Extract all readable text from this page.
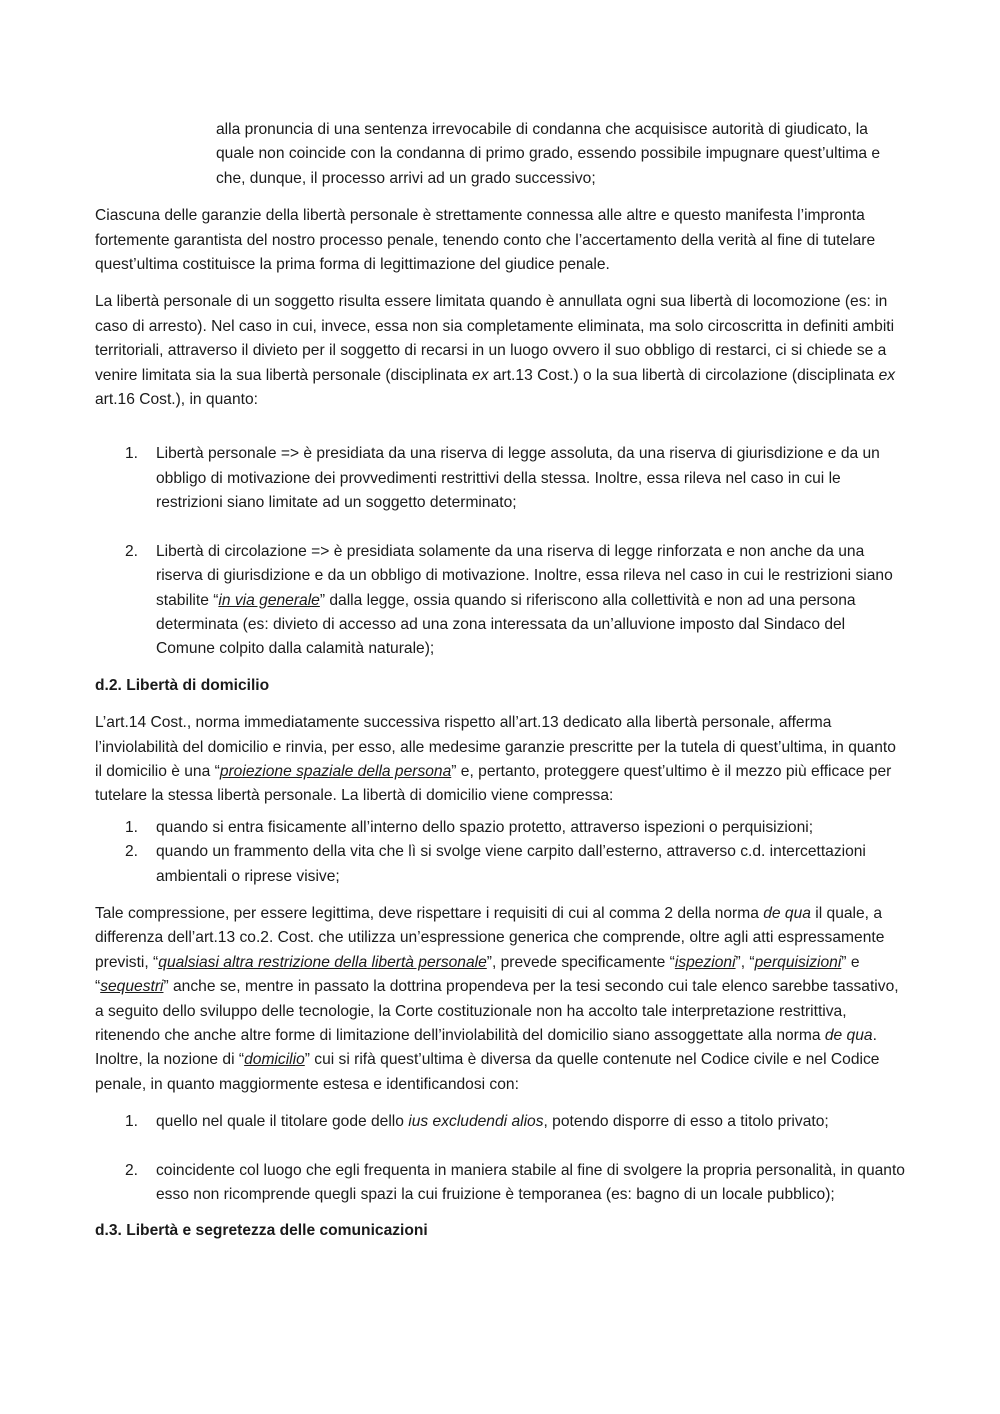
alla pronuncia di una sentenza irrevocabile di condanna che acquisisce autorità di giudicato, la quale non coincide con la condanna di primo grado, essendo possibile impugnare quest’ultima e che, dunque, il processo arrivi ad un grado successivo;

Ciascuna delle garanzie della libertà personale è strettamente connessa alle altre e questo manifesta l’impronta fortemente garantista del nostro processo penale, tenendo conto che l’accertamento della verità al fine di tutelare quest’ultima costituisce la prima forma di legittimazione del giudice penale.

La libertà personale di un soggetto risulta essere limitata quando è annullata ogni sua libertà di locomozione (es: in caso di arresto). Nel caso in cui, invece, essa non sia completamente eliminata, ma solo circoscritta in definiti ambiti territoriali, attraverso il divieto per il soggetto di recarsi in un luogo ovvero il suo obbligo di restarci, ci si chiede se a venire limitata sia la sua libertà personale (disciplinata ex art.13 Cost.) o la sua libertà di circolazione (disciplinata ex art.16 Cost.), in quanto:

1. Libertà personale => è presidiata da una riserva di legge assoluta, da una riserva di giurisdizione e da un obbligo di motivazione dei provvedimenti restrittivi della stessa. Inoltre, essa rileva nel caso in cui le restrizioni siano limitate ad un soggetto determinato;
2. Libertà di circolazione => è presidiata solamente da una riserva di legge rinforzata e non anche da una riserva di giurisdizione e da un obbligo di motivazione. Inoltre, essa rileva nel caso in cui le restrizioni siano stabilite “in via generale” dalla legge, ossia quando si riferiscono alla collettività e non ad una persona determinata (es: divieto di accesso ad una zona interessata da un’alluvione imposto dal Sindaco del Comune colpito dalla calamità naturale);

d.2. Libertà di domicilio

L’art.14 Cost., norma immediatamente successiva rispetto all’art.13 dedicato alla libertà personale, afferma l’inviolabilità del domicilio e rinvia, per esso, alle medesime garanzie prescritte per la tutela di quest’ultima, in quanto il domicilio è una “proiezione spaziale della persona” e, pertanto, proteggere quest’ultimo è il mezzo più efficace per tutelare la stessa libertà personale. La libertà di domicilio viene compressa:

1. quando si entra fisicamente all’interno dello spazio protetto, attraverso ispezioni o perquisizioni;
2. quando un frammento della vita che lì si svolge viene carpito dall’esterno, attraverso c.d. intercettazioni ambientali o riprese visive;

Tale compressione, per essere legittima, deve rispettare i requisiti di cui al comma 2 della norma de qua il quale, a differenza dell’art.13 co.2. Cost. che utilizza un’espressione generica che comprende, oltre agli atti espressamente previsti, “qualsiasi altra restrizione della libertà personale”, prevede specificamente “ispezioni”, “perquisizioni” e “sequestri” anche se, mentre in passato la dottrina propendeva per la tesi secondo cui tale elenco sarebbe tassativo, a seguito dello sviluppo delle tecnologie, la Corte costituzionale non ha accolto tale interpretazione restrittiva, ritenendo che anche altre forme di limitazione dell’inviolabilità del domicilio siano assoggettate alla norma de qua. Inoltre, la nozione di “domicilio” cui si rifà quest’ultima è diversa da quelle contenute nel Codice civile e nel Codice penale, in quanto maggiormente estesa e identificandosi con:

1. quello nel quale il titolare gode dello ius excludendi alios, potendo disporre di esso a titolo privato;
2. coincidente col luogo che egli frequenta in maniera stabile al fine di svolgere la propria personalità, in quanto esso non ricomprende quegli spazi la cui fruizione è temporanea (es: bagno di un locale pubblico);

d.3. Libertà e segretezza delle comunicazioni
